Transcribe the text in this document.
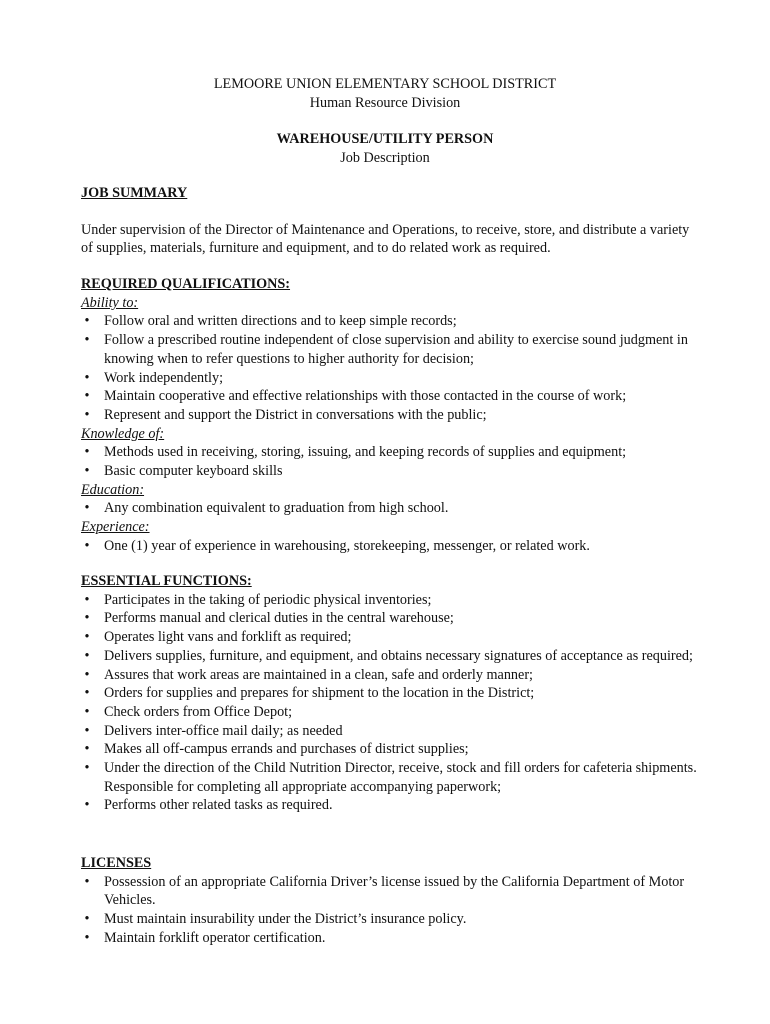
LEMOORE UNION ELEMENTARY SCHOOL DISTRICT

Human Resource Division

WAREHOUSE/UTILITY PERSON

Job Description

JOB SUMMARY

Under supervision of the Director of Maintenance and Operations, to receive, store, and distribute a variety of supplies, materials, furniture and equipment, and to do related work as required.

REQUIRED QUALIFICATIONS:

Ability to:

• Follow oral and written directions and to keep simple records;
• Follow a prescribed routine independent of close supervision and ability to exercise sound judgment in knowing when to refer questions to higher authority for decision;
• Work independently;
• Maintain cooperative and effective relationships with those contacted in the course of work;
• Represent and support the District in conversations with the public;

Knowledge of:

• Methods used in receiving, storing, issuing, and keeping records of supplies and equipment;
• Basic computer keyboard skills

Education:

• Any combination equivalent to graduation from high school.

Experience:

• One (1) year of experience in warehousing, storekeeping, messenger, or related work.

ESSENTIAL FUNCTIONS:

• Participates in the taking of periodic physical inventories;
• Performs manual and clerical duties in the central warehouse;
• Operates light vans and forklift as required;
• Delivers supplies, furniture, and equipment, and obtains necessary signatures of acceptance as required;
• Assures that work areas are maintained in a clean, safe and orderly manner;
• Orders for supplies and prepares for shipment to the location in the District;
• Check orders from Office Depot;
• Delivers inter-office mail daily; as needed
• Makes all off-campus errands and purchases of district supplies;
• Under the direction of the Child Nutrition Director, receive, stock and fill orders for cafeteria shipments. Responsible for completing all appropriate accompanying paperwork;
• Performs other related tasks as required.

LICENSES

• Possession of an appropriate California Driver’s license issued by the California Department of Motor Vehicles.
• Must maintain insurability under the District’s insurance policy.
• Maintain forklift operator certification.
